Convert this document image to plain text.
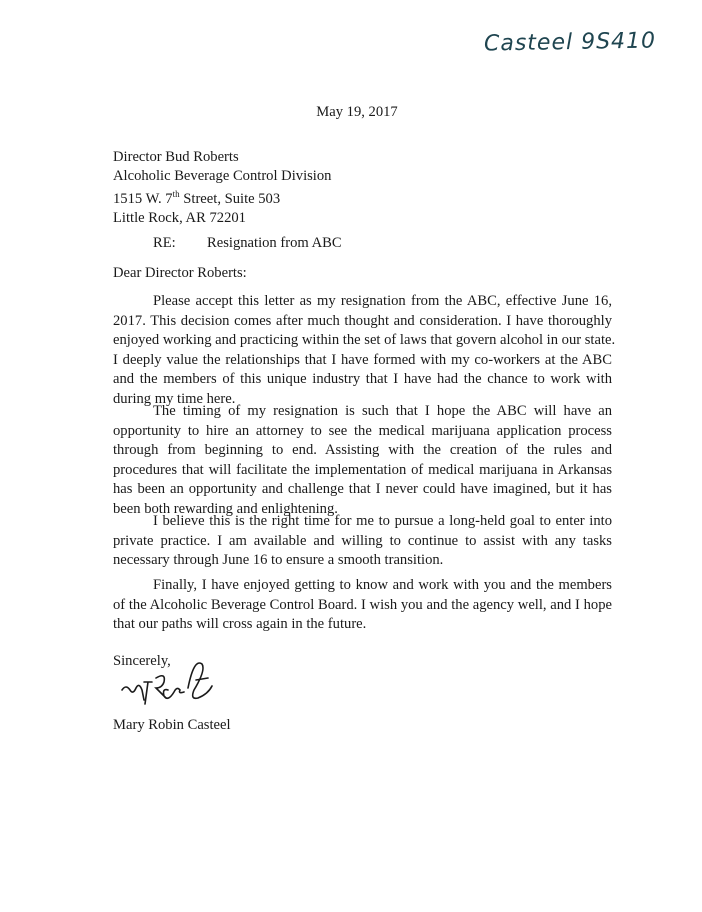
Casteel 9S410
May 19, 2017
Director Bud Roberts
Alcoholic Beverage Control Division
1515 W. 7th Street, Suite 503
Little Rock, AR 72201
RE: Resignation from ABC
Dear Director Roberts:
Please accept this letter as my resignation from the ABC, effective June 16,
2017. This decision comes after much thought and consideration. I have thoroughly
enjoyed working and practicing within the set of laws that govern alcohol in our state.
I deeply value the relationships that I have formed with my co-workers at the ABC
and the members of this unique industry that I have had the chance to work with
during my time here.
The timing of my resignation is such that I hope the ABC will have an
opportunity to hire an attorney to see the medical marijuana application process
through from beginning to end. Assisting with the creation of the rules and
procedures that will facilitate the implementation of medical marijuana in Arkansas
has been an opportunity and challenge that I never could have imagined, but it has
been both rewarding and enlightening.
I believe this is the right time for me to pursue a long-held goal to enter into
private practice. I am available and willing to continue to assist with any tasks
necessary through June 16 to ensure a smooth transition.
Finally, I have enjoyed getting to know and work with you and the members
of the Alcoholic Beverage Control Board. I wish you and the agency well, and I hope
that our paths will cross again in the future.
Sincerely,
Mary Robin Casteel
